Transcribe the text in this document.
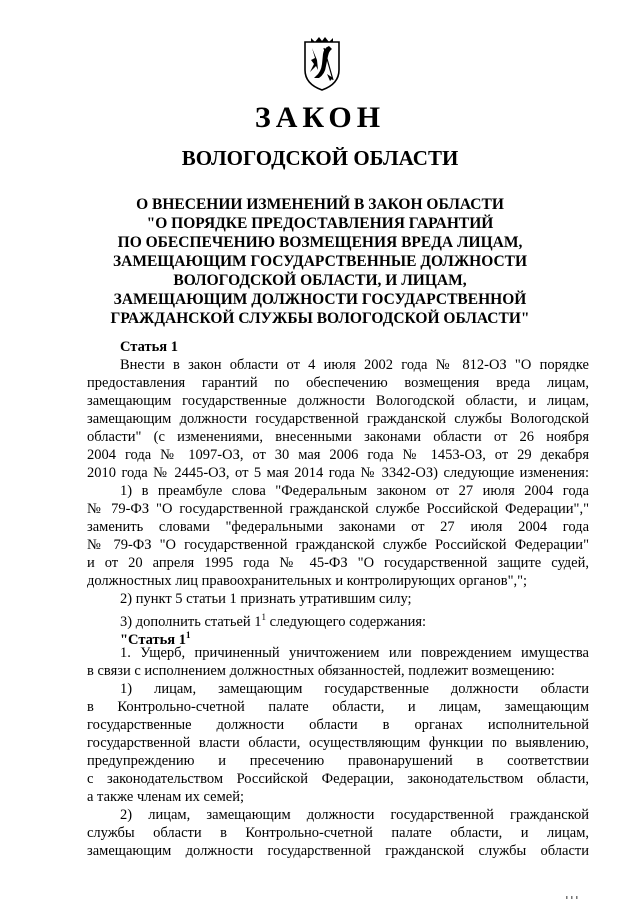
ЗАКОН
ВОЛОГОДСКОЙ ОБЛАСТИ
О ВНЕСЕНИИ ИЗМЕНЕНИЙ В ЗАКОН ОБЛАСТИ
"О ПОРЯДКЕ ПРЕДОСТАВЛЕНИЯ ГАРАНТИЙ
ПО ОБЕСПЕЧЕНИЮ ВОЗМЕЩЕНИЯ ВРЕДА ЛИЦАМ,
ЗАМЕЩАЮЩИМ ГОСУДАРСТВЕННЫЕ ДОЛЖНОСТИ
ВОЛОГОДСКОЙ ОБЛАСТИ, И ЛИЦАМ,
ЗАМЕЩАЮЩИМ ДОЛЖНОСТИ ГОСУДАРСТВЕННОЙ
ГРАЖДАНСКОЙ СЛУЖБЫ ВОЛОГОДСКОЙ ОБЛАСТИ"
Статья 1
Внести в закон области от 4 июля 2002 года № 812-ОЗ "О порядке
предоставления гарантий по обеспечению возмещения вреда лицам,
замещающим государственные должности Вологодской области, и лицам,
замещающим должности государственной гражданской службы Вологодской
области" (с изменениями, внесенными законами области от 26 ноября
2004 года № 1097-ОЗ, от 30 мая 2006 года № 1453-ОЗ, от 29 декабря
2010 года № 2445-ОЗ, от 5 мая 2014 года № 3342-ОЗ) следующие изменения:
1) в преамбуле слова "Федеральным законом от 27 июля 2004 года
№ 79-ФЗ "О государственной гражданской службе Российской Федерации","
заменить словами "федеральными законами от 27 июля 2004 года
№ 79-ФЗ "О государственной гражданской службе Российской Федерации"
и от 20 апреля 1995 года № 45-ФЗ "О государственной защите судей,
должностных лиц правоохранительных и контролирующих органов",";
2) пункт 5 статьи 1 признать утратившим силу;
3) дополнить статьей $1^1$ следующего содержания:
"Статья $1^1$
1. Ущерб, причиненный уничтожением или повреждением имущества
в связи с исполнением должностных обязанностей, подлежит возмещению:
1) лицам, замещающим государственные должности области
в Контрольно-счетной палате области, и лицам, замещающим
государственные должности области в органах исполнительной
государственной власти области, осуществляющим функции по выявлению,
предупреждению и пресечению правонарушений в соответствии
с законодательством Российской Федерации, законодательством области,
а также членам их семей;
2) лицам, замещающим должности государственной гражданской
службы области в Контрольно-счетной палате области, и лицам,
замещающим должности государственной гражданской службы области
